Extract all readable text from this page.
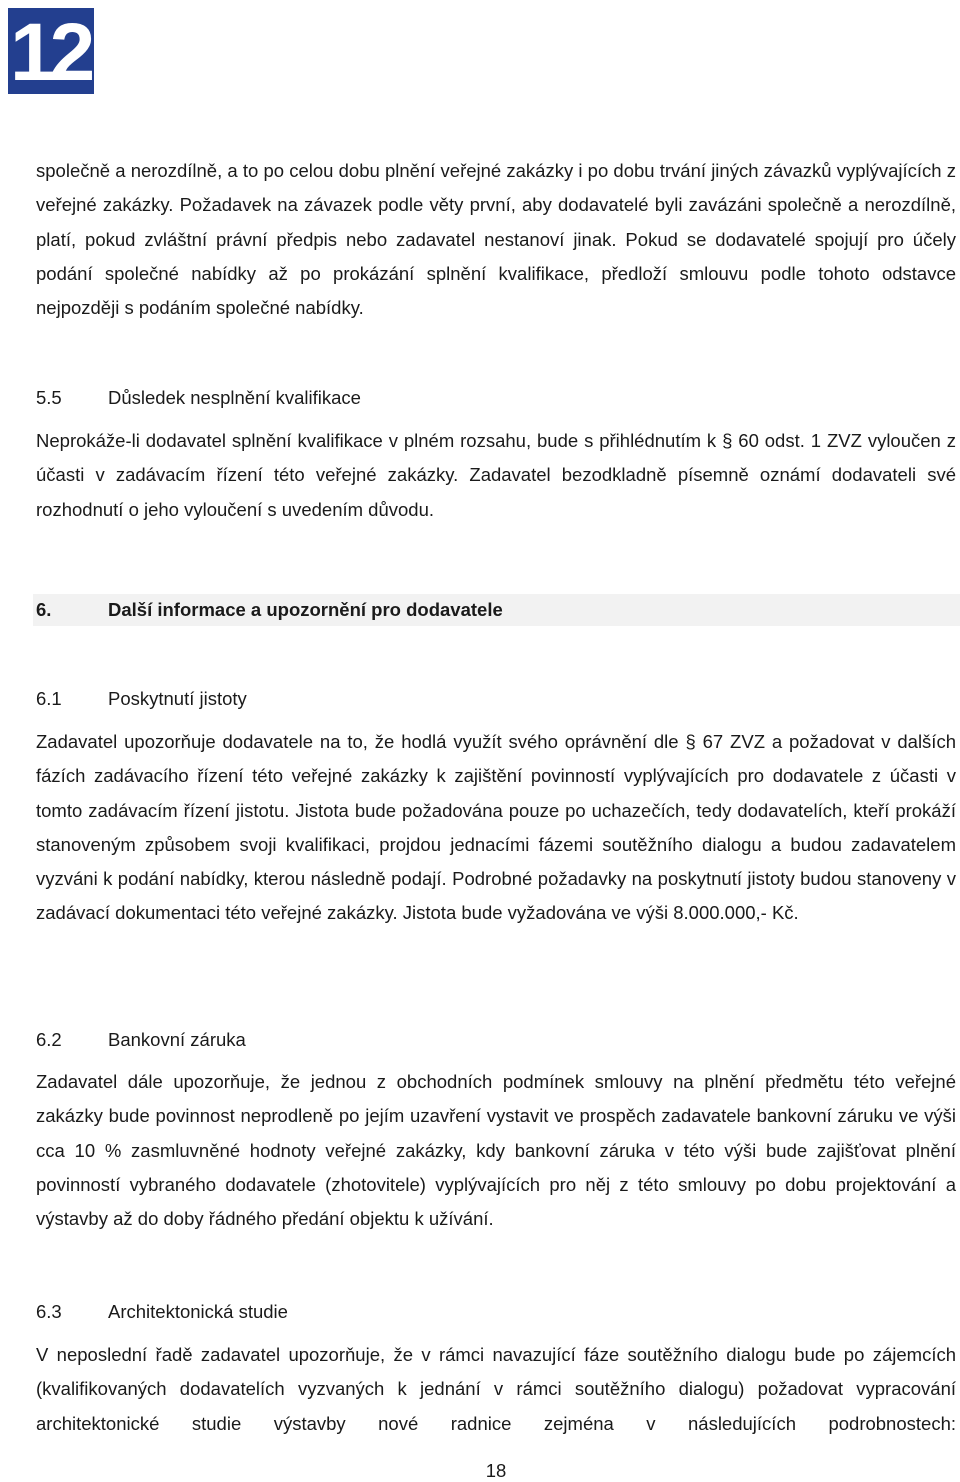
12
společně a nerozdílně, a to po celou dobu plnění veřejné zakázky i po dobu trvání jiných závazků vyplývajících z veřejné zakázky. Požadavek na závazek podle věty první, aby dodavatelé byli zavázáni společně a nerozdílně, platí, pokud zvláštní právní předpis nebo zadavatel nestanoví jinak. Pokud se dodavatelé spojují pro účely podání společné nabídky až po prokázání splnění kvalifikace, předloží smlouvu podle tohoto odstavce nejpozději s podáním společné nabídky.
5.5	Důsledek nesplnění kvalifikace
Neprokáže-li dodavatel splnění kvalifikace v plném rozsahu, bude s přihlédnutím k § 60 odst. 1 ZVZ vyloučen z účasti v zadávacím řízení této veřejné zakázky. Zadavatel bezodkladně písemně oznámí dodavateli své rozhodnutí o jeho vyloučení s uvedením důvodu.
6.	Další informace a upozornění pro dodavatele
6.1	Poskytnutí jistoty
Zadavatel upozorňuje dodavatele na to, že hodlá využít svého oprávnění dle § 67 ZVZ a požadovat v dalších fázích zadávacího řízení této veřejné zakázky k zajištění povinností vyplývajících pro dodavatele z účasti v tomto zadávacím řízení jistotu. Jistota bude požadována pouze po uchazečích, tedy dodavatelích, kteří prokáží stanoveným způsobem svoji kvalifikaci, projdou jednacími fázemi soutěžního dialogu a budou zadavatelem vyzváni k podání nabídky, kterou následně podají. Podrobné požadavky na poskytnutí jistoty budou stanoveny v zadávací dokumentaci této veřejné zakázky. Jistota bude vyžadována ve výši 8.000.000,- Kč.
6.2	Bankovní záruka
Zadavatel dále upozorňuje, že jednou z obchodních podmínek smlouvy na plnění předmětu této veřejné zakázky bude povinnost neprodleně po jejím uzavření vystavit ve prospěch zadavatele bankovní záruku ve výši cca 10 % zasmluvněné hodnoty veřejné zakázky, kdy bankovní záruka v této výši bude zajišťovat plnění povinností vybraného dodavatele (zhotovitele) vyplývajících pro něj z této smlouvy po dobu projektování a výstavby až do doby řádného předání objektu k užívání.
6.3	Architektonická studie
V neposlední řadě zadavatel upozorňuje, že v rámci navazující fáze soutěžního dialogu bude po zájemcích (kvalifikovaných dodavatelích vyzvaných k jednání v rámci soutěžního dialogu) požadovat vypracování architektonické studie výstavby nové radnice zejména v následujících podrobnostech:
18
